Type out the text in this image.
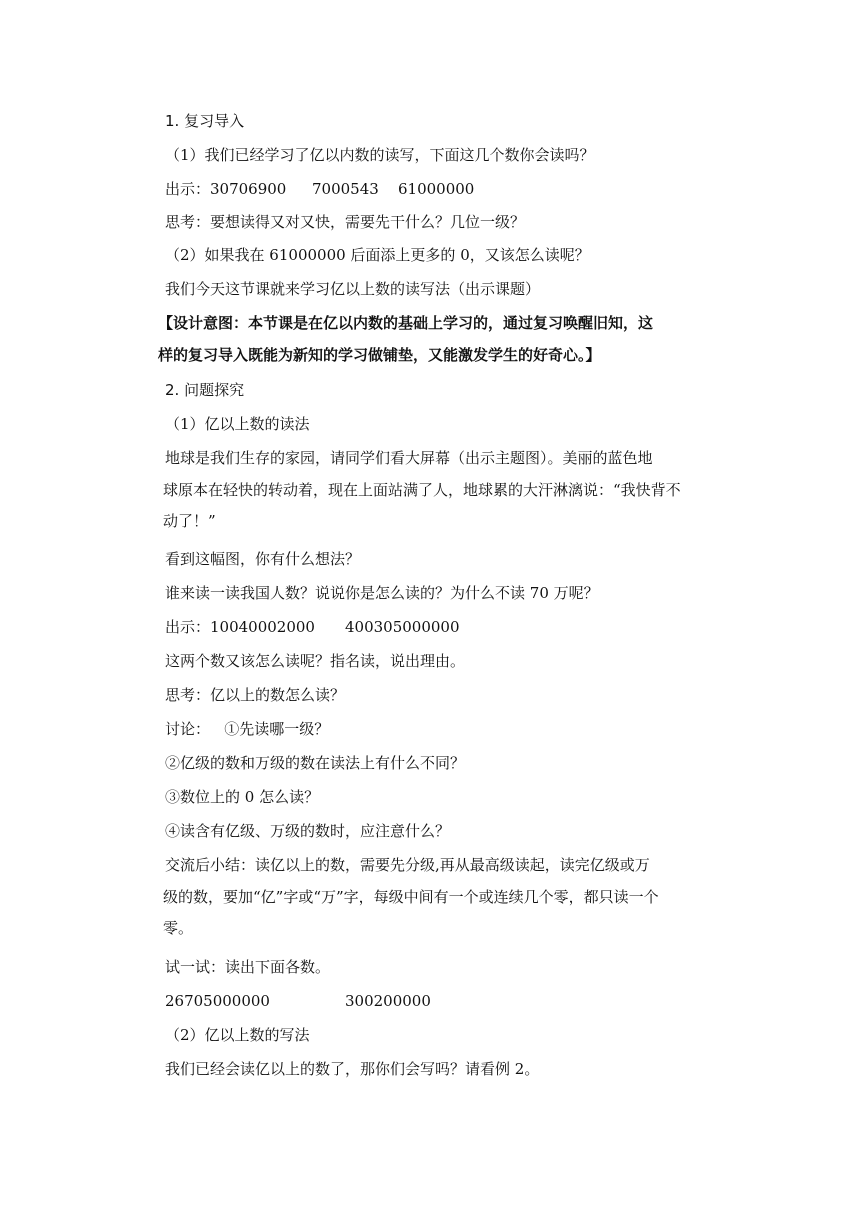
1. 复习导入
（1）我们已经学习了亿以内数的读写，下面这几个数你会读吗？
出示：30706900 7000543 61000000
思考：要想读得又对又快，需要先干什么？几位一级？
（2）如果我在 61000000 后面添上更多的 0，又该怎么读呢？
我们今天这节课就来学习亿以上数的读写法（出示课题）
【设计意图：本节课是在亿以内数的基础上学习的，通过复习唤醒旧知，这
样的复习导入既能为新知的学习做铺垫，又能激发学生的好奇心。】
2. 问题探究
（1）亿以上数的读法
地球是我们生存的家园，请同学们看大屏幕（出示主题图）。美丽的蓝色地
球原本在轻快的转动着，现在上面站满了人，地球累的大汗淋漓说：“我快背不
动了！”
看到这幅图，你有什么想法？
谁来读一读我国人数？说说你是怎么读的？为什么不读 70 万呢？
出示：10040002000 400305000000
这两个数又该怎么读呢？指名读，说出理由。
思考：亿以上的数怎么读？
讨论：   ①先读哪一级？
②亿级的数和万级的数在读法上有什么不同？
③数位上的 0 怎么读？
④读含有亿级、万级的数时，应注意什么？
交流后小结：读亿以上的数，需要先分级,再从最高级读起，读完亿级或万
级的数，要加“亿”字或“万”字，每级中间有一个或连续几个零，都只读一个
零。
试一试：读出下面各数。
26705000000	300200000
（2）亿以上数的写法
我们已经会读亿以上的数了，那你们会写吗？请看例 2。
